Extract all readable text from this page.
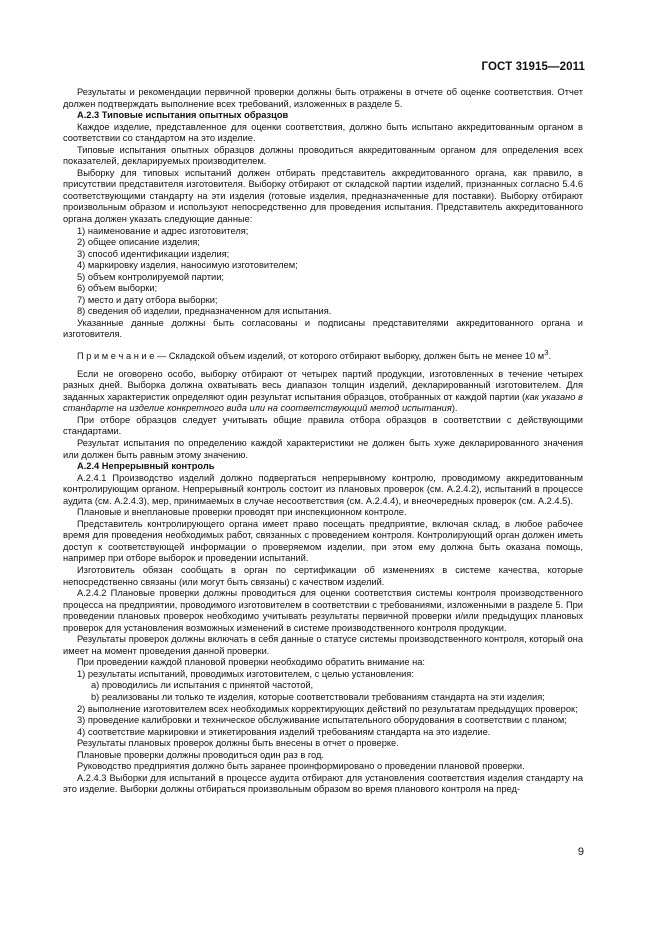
ГОСТ 31915—2011

Результаты и рекомендации первичной проверки должны быть отражены в отчете об оценке соответствия. Отчет должен подтверждать выполнение всех требований, изложенных в разделе 5.

А.2.3 Типовые испытания опытных образцов

Каждое изделие, представленное для оценки соответствия, должно быть испытано аккредитованным органом в соответствии со стандартом на это изделие.

Типовые испытания опытных образцов должны проводиться аккредитованным органом для определения всех показателей, декларируемых производителем.

Выборку для типовых испытаний должен отбирать представитель аккредитованного органа, как правило, в присутствии представителя изготовителя. Выборку отбирают от складской партии изделий, признанных согласно 5.4.6 соответствующими стандарту на эти изделия (готовые изделия, предназначенные для поставки). Выборку отбирают произвольным образом и используют непосредственно для проведения испытания. Представитель аккредитованного органа должен указать следующие данные:

1) наименование и адрес изготовителя;

2) общее описание изделия;

3) способ идентификации изделия;

4) маркировку изделия, наносимую изготовителем;

5) объем контролируемой партии;

6) объем выборки;

7) место и дату отбора выборки;

8) сведения об изделии, предназначенном для испытания.

Указанные данные должны быть согласованы и подписаны представителями аккредитованного органа и изготовителя.

П р и м е ч а н и е — Складской объем изделий, от которого отбирают выборку, должен быть не менее 10 $м^3$.

Если не оговорено особо, выборку отбирают от четырех партий продукции, изготовленных в течение четырех разных дней. Выборка должна охватывать весь диапазон толщин изделий, декларированный изготовителем. Для заданных характеристик определяют один результат испытания образцов, отобранных от каждой партии (как указано в стандарте на изделие конкретного вида или на соответствующий метод испытания).

При отборе образцов следует учитывать общие правила отбора образцов в соответствии с действующими стандартами.

Результат испытания по определению каждой характеристики не должен быть хуже декларированного значения или должен быть равным этому значению.

А.2.4 Непрерывный контроль

А.2.4.1 Производство изделий должно подвергаться непрерывному контролю, проводимому аккредитованным контролирующим органом. Непрерывный контроль состоит из плановых проверок (см. А.2.4.2), испытаний в процессе аудита (см. А.2.4.3), мер, принимаемых в случае несоответствия (см. А.2.4.4), и внеочередных проверок (см. А.2.4.5).

Плановые и внеплановые проверки проводят при инспекционном контроле.

Представитель контролирующего органа имеет право посещать предприятие, включая склад, в любое рабочее время для проведения необходимых работ, связанных с проведением контроля. Контролирующий орган должен иметь доступ к соответствующей информации о проверяемом изделии, при этом ему должна быть оказана помощь, например при отборе выборок и проведении испытаний.

Изготовитель обязан сообщать в орган по сертификации об изменениях в системе качества, которые непосредственно связаны (или могут быть связаны) с качеством изделий.

А.2.4.2 Плановые проверки должны проводиться для оценки соответствия системы контроля производственного процесса на предприятии, проводимого изготовителем в соответствии с требованиями, изложенными в разделе 5. При проведении плановых проверок необходимо учитывать результаты первичной проверки и/или предыдущих плановых проверок для установления возможных изменений в системе производственного контроля продукции.

Результаты проверок должны включать в себя данные о статусе системы производственного контроля, который она имеет на момент проведения данной проверки.

При проведении каждой плановой проверки необходимо обратить внимание на:

1) результаты испытаний, проводимых изготовителем, с целью установления:

а) проводились ли испытания с принятой частотой,

b) реализованы ли только те изделия, которые соответствовали требованиям стандарта на эти изделия;

2) выполнение изготовителем всех необходимых корректирующих действий по результатам предыдущих проверок;

3) проведение калибровки и техническое обслуживание испытательного оборудования в соответствии с планом;

4) соответствие маркировки и этикетирования изделий требованиям стандарта на это изделие.

Результаты плановых проверок должны быть внесены в отчет о проверке.

Плановые проверки должны проводиться один раз в год.

Руководство предприятия должно быть заранее проинформировано о проведении плановой проверки.

А.2.4.3 Выборки для испытаний в процессе аудита отбирают для установления соответствия изделия стандарту на это изделие. Выборки должны отбираться произвольным образом во время планового контроля на пред-

9
